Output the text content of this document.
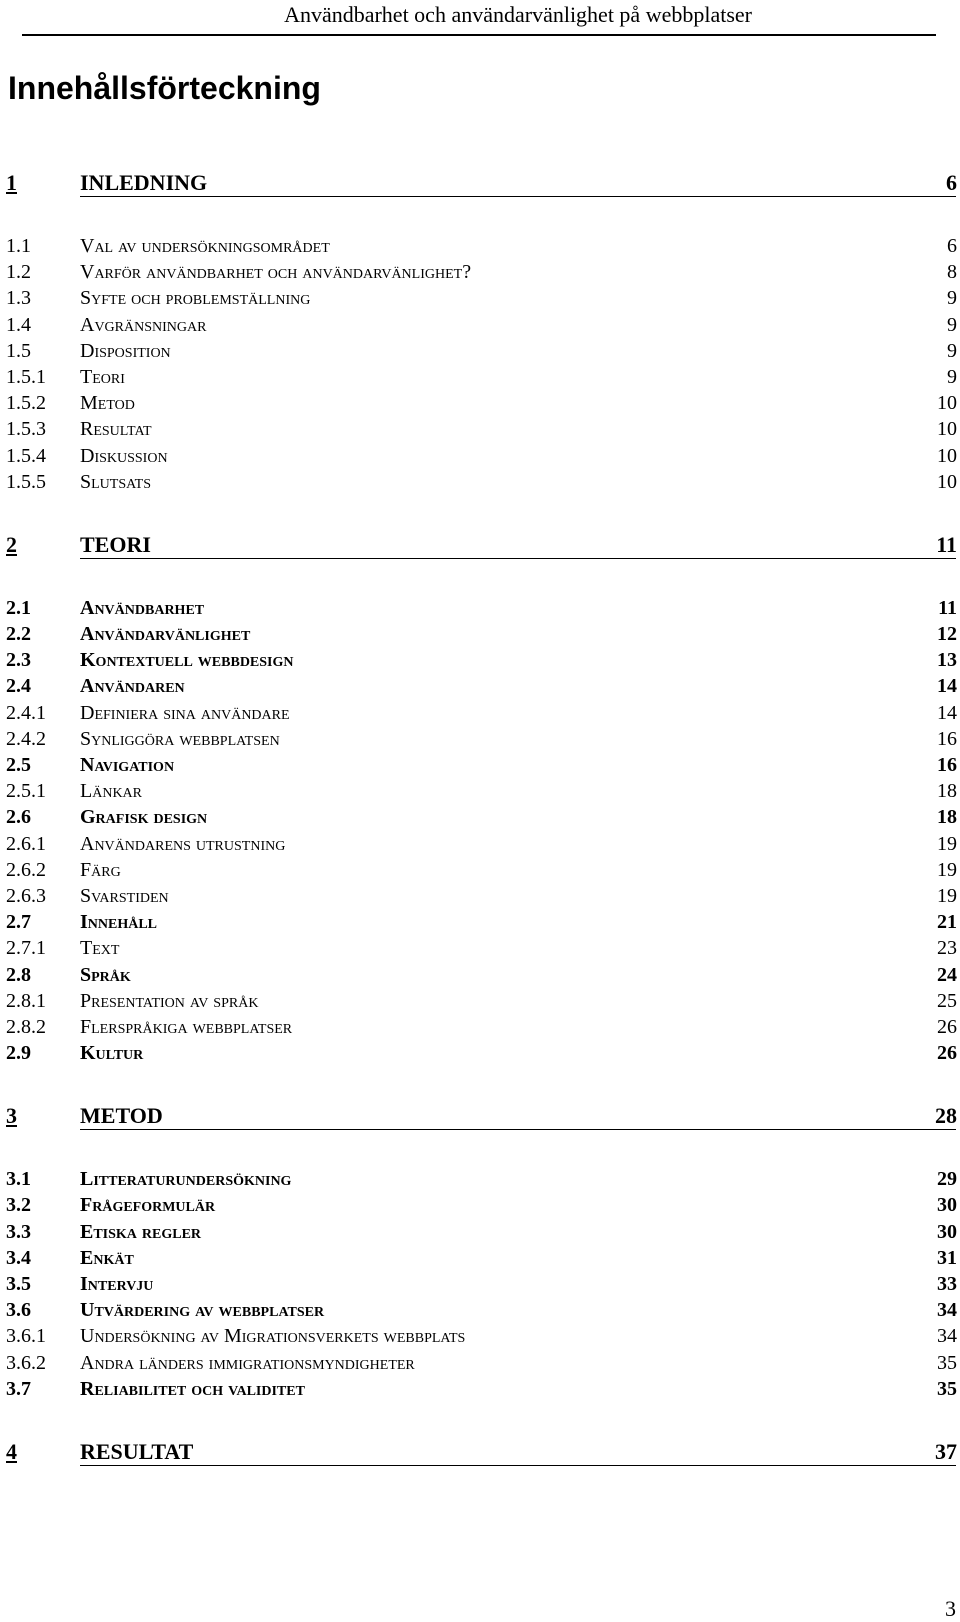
Användbarhet och användarvänlighet på webbplatser
Innehållsförteckning
1	INLEDNING	6
1.1 Val av undersökningsområdet	6
1.2 Varför användbarhet och användarvänlighet?	8
1.3 Syfte och problemställning	9
1.4 Avgränsningar	9
1.5 Disposition	9
1.5.1 Teori	9
1.5.2 Metod	10
1.5.3 Resultat	10
1.5.4 Diskussion	10
1.5.5 Slutsats	10
2	TEORI	11
2.1 Användbarhet	11
2.2 Användarvänlighet	12
2.3 Kontextuell webbdesign	13
2.4 Användaren	14
2.4.1 Definiera sina användare	14
2.4.2 Synliggöra webbplatsen	16
2.5 Navigation	16
2.5.1 Länkar	18
2.6 Grafisk design	18
2.6.1 Användarens utrustning	19
2.6.2 Färg	19
2.6.3 Svarstiden	19
2.7 Innehåll	21
2.7.1 Text	23
2.8 Språk	24
2.8.1 Presentation av språk	25
2.8.2 Flerspråkiga webbplatser	26
2.9 Kultur	26
3	METOD	28
3.1 Litteraturundersökning	29
3.2 Frågeformulär	30
3.3 Etiska regler	30
3.4 Enkät	31
3.5 Intervju	33
3.6 Utvärdering av webbplatser	34
3.6.1 Undersökning av Migrationsverkets webbplats	34
3.6.2 Andra länders immigrationsmyndigheter	35
3.7 Reliabilitet och validitet	35
4	RESULTAT	37
3
